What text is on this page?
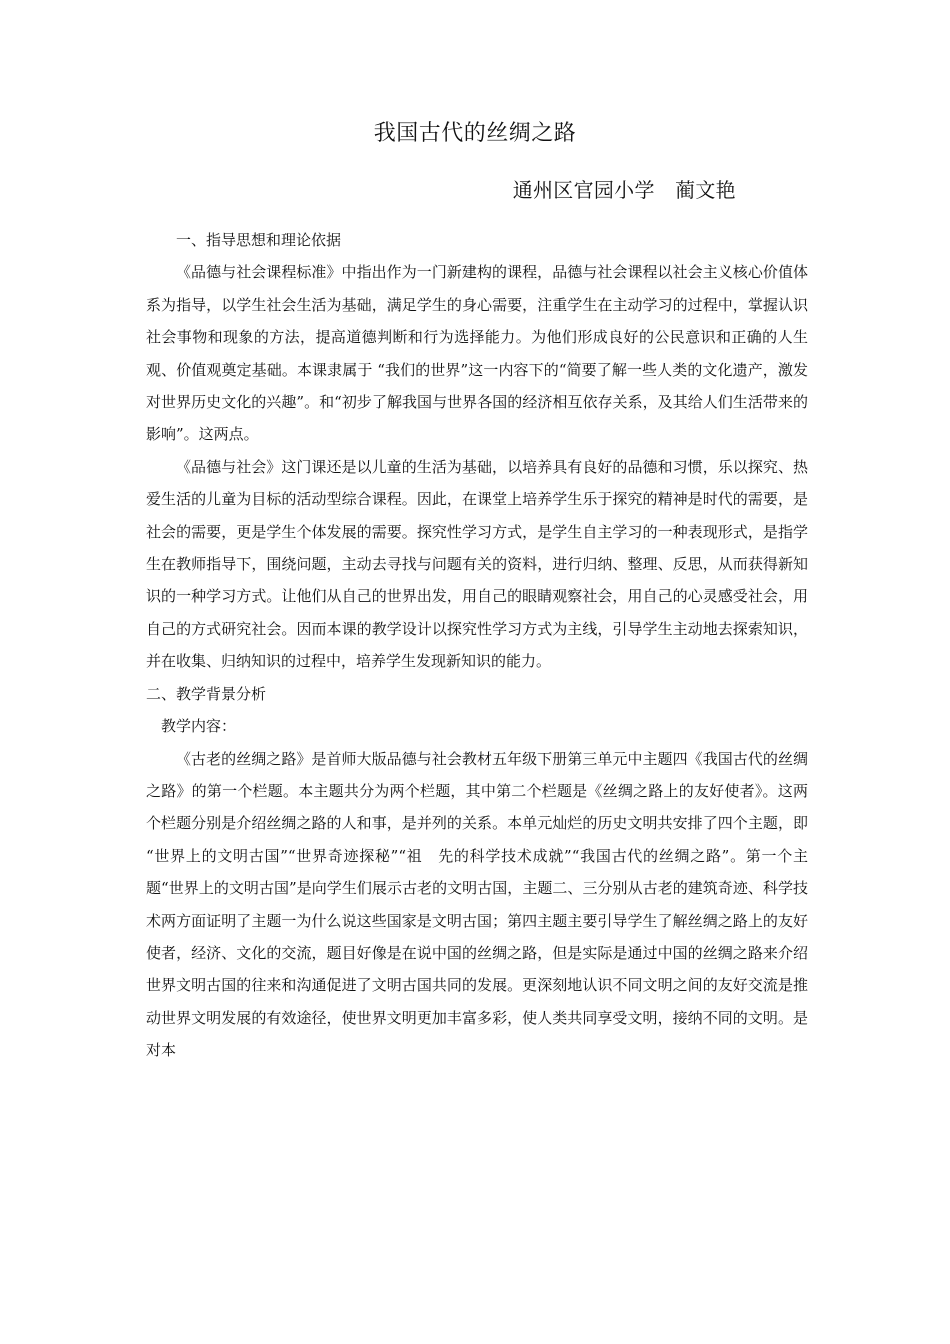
我国古代的丝绸之路
通州区官园小学　蔺文艳

一、指导思想和理论依据

《品德与社会课程标准》中指出作为一门新建构的课程，品德与社会课程以社会主义核心价值体系为指导，以学生社会生活为基础，满足学生的身心需要，注重学生在主动学习的过程中，掌握认识社会事物和现象的方法，提高道德判断和行为选择能力。为他们形成良好的公民意识和正确的人生观、价值观奠定基础。本课隶属于 “我们的世界”这一内容下的“简要了解一些人类的文化遗产，激发对世界历史文化的兴趣”。和“初步了解我国与世界各国的经济相互依存关系，及其给人们生活带来的影响”。这两点。

《品德与社会》这门课还是以儿童的生活为基础，以培养具有良好的品德和习惯，乐以探究、热爱生活的儿童为目标的活动型综合课程。因此，在课堂上培养学生乐于探究的精神是时代的需要，是社会的需要，更是学生个体发展的需要。探究性学习方式，是学生自主学习的一种表现形式，是指学生在教师指导下，围绕问题，主动去寻找与问题有关的资料，进行归纳、整理、反思，从而获得新知识的一种学习方式。让他们从自己的世界出发，用自己的眼睛观察社会，用自己的心灵感受社会，用自己的方式研究社会。因而本课的教学设计以探究性学习方式为主线，引导学生主动地去探索知识，并在收集、归纳知识的过程中，培养学生发现新知识的能力。

二、教学背景分析

教学内容：

《古老的丝绸之路》是首师大版品德与社会教材五年级下册第三单元中主题四《我国古代的丝绸之路》的第一个栏题。本主题共分为两个栏题，其中第二个栏题是《丝绸之路上的友好使者》。这两个栏题分别是介绍丝绸之路的人和事，是并列的关系。本单元灿烂的历史文明共安排了四个主题，即 “世界上的文明古国”“世界奇迹探秘”“祖　先的科学技术成就”“我国古代的丝绸之路”。第一个主题“世界上的文明古国”是向学生们展示古老的文明古国，主题二、三分别从古老的建筑奇迹、科学技术两方面证明了主题一为什么说这些国家是文明古国；第四主题主要引导学生了解丝绸之路上的友好使者，经济、文化的交流，题目好像是在说中国的丝绸之路，但是实际是通过中国的丝绸之路来介绍世界文明古国的往来和沟通促进了文明古国共同的发展。更深刻地认识不同文明之间的友好交流是推动世界文明发展的有效途径，使世界文明更加丰富多彩，使人类共同享受文明，接纳不同的文明。是对本
